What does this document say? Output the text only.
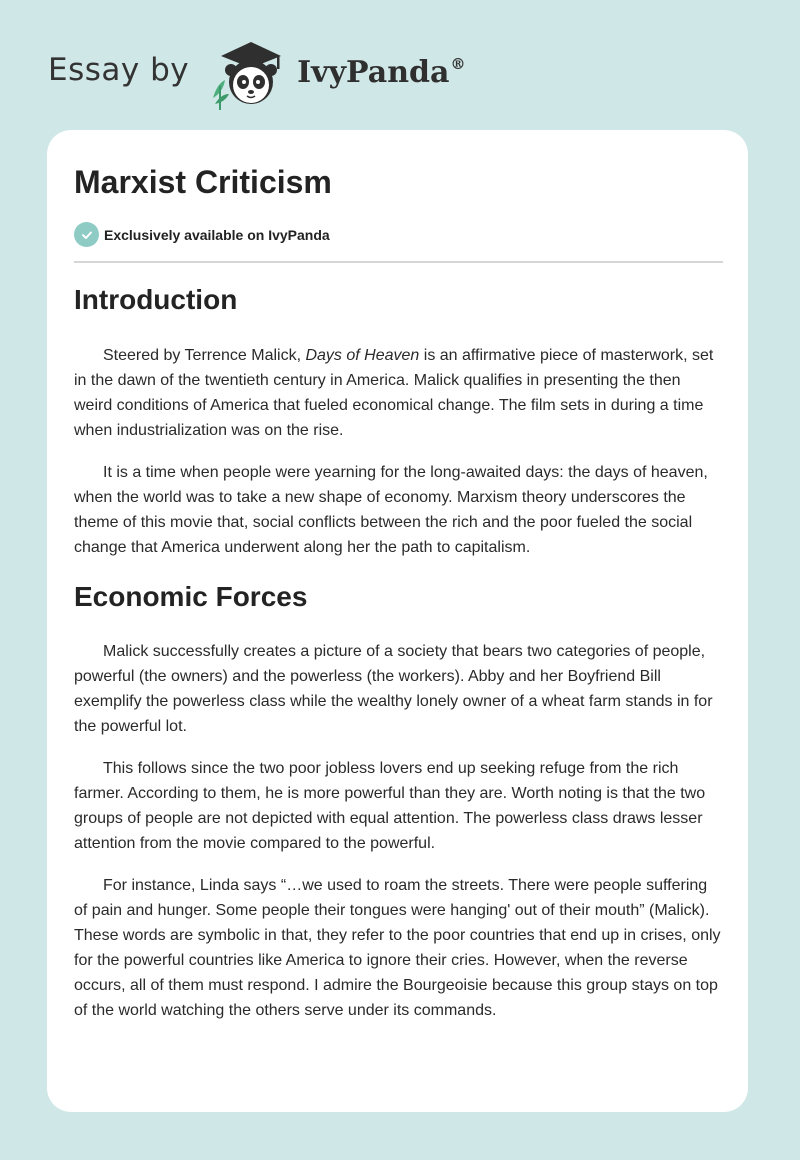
Essay by	IvyPanda®
Marxist Criticism
Exclusively available on IvyPanda
Introduction

Steered by Terrence Malick, Days of Heaven is an affirmative piece of masterwork, set in the dawn of the twentieth century in America. Malick qualifies in presenting the then weird conditions of America that fueled economical change. The film sets in during a time when industrialization was on the rise.

It is a time when people were yearning for the long-awaited days: the days of heaven, when the world was to take a new shape of economy. Marxism theory underscores the theme of this movie that, social conflicts between the rich and the poor fueled the social change that America underwent along her the path to capitalism.

Economic Forces

Malick successfully creates a picture of a society that bears two categories of people, powerful (the owners) and the powerless (the workers). Abby and her Boyfriend Bill exemplify the powerless class while the wealthy lonely owner of a wheat farm stands in for the powerful lot.

This follows since the two poor jobless lovers end up seeking refuge from the rich farmer. According to them, he is more powerful than they are. Worth noting is that the two groups of people are not depicted with equal attention. The powerless class draws lesser attention from the movie compared to the powerful.

For instance, Linda says “…we used to roam the streets. There were people suffering of pain and hunger. Some people their tongues were hanging' out of their mouth” (Malick). These words are symbolic in that, they refer to the poor countries that end up in crises, only for the powerful countries like America to ignore their cries. However, when the reverse occurs, all of them must respond. I admire the Bourgeoisie because this group stays on top of the world watching the others serve under its commands.
